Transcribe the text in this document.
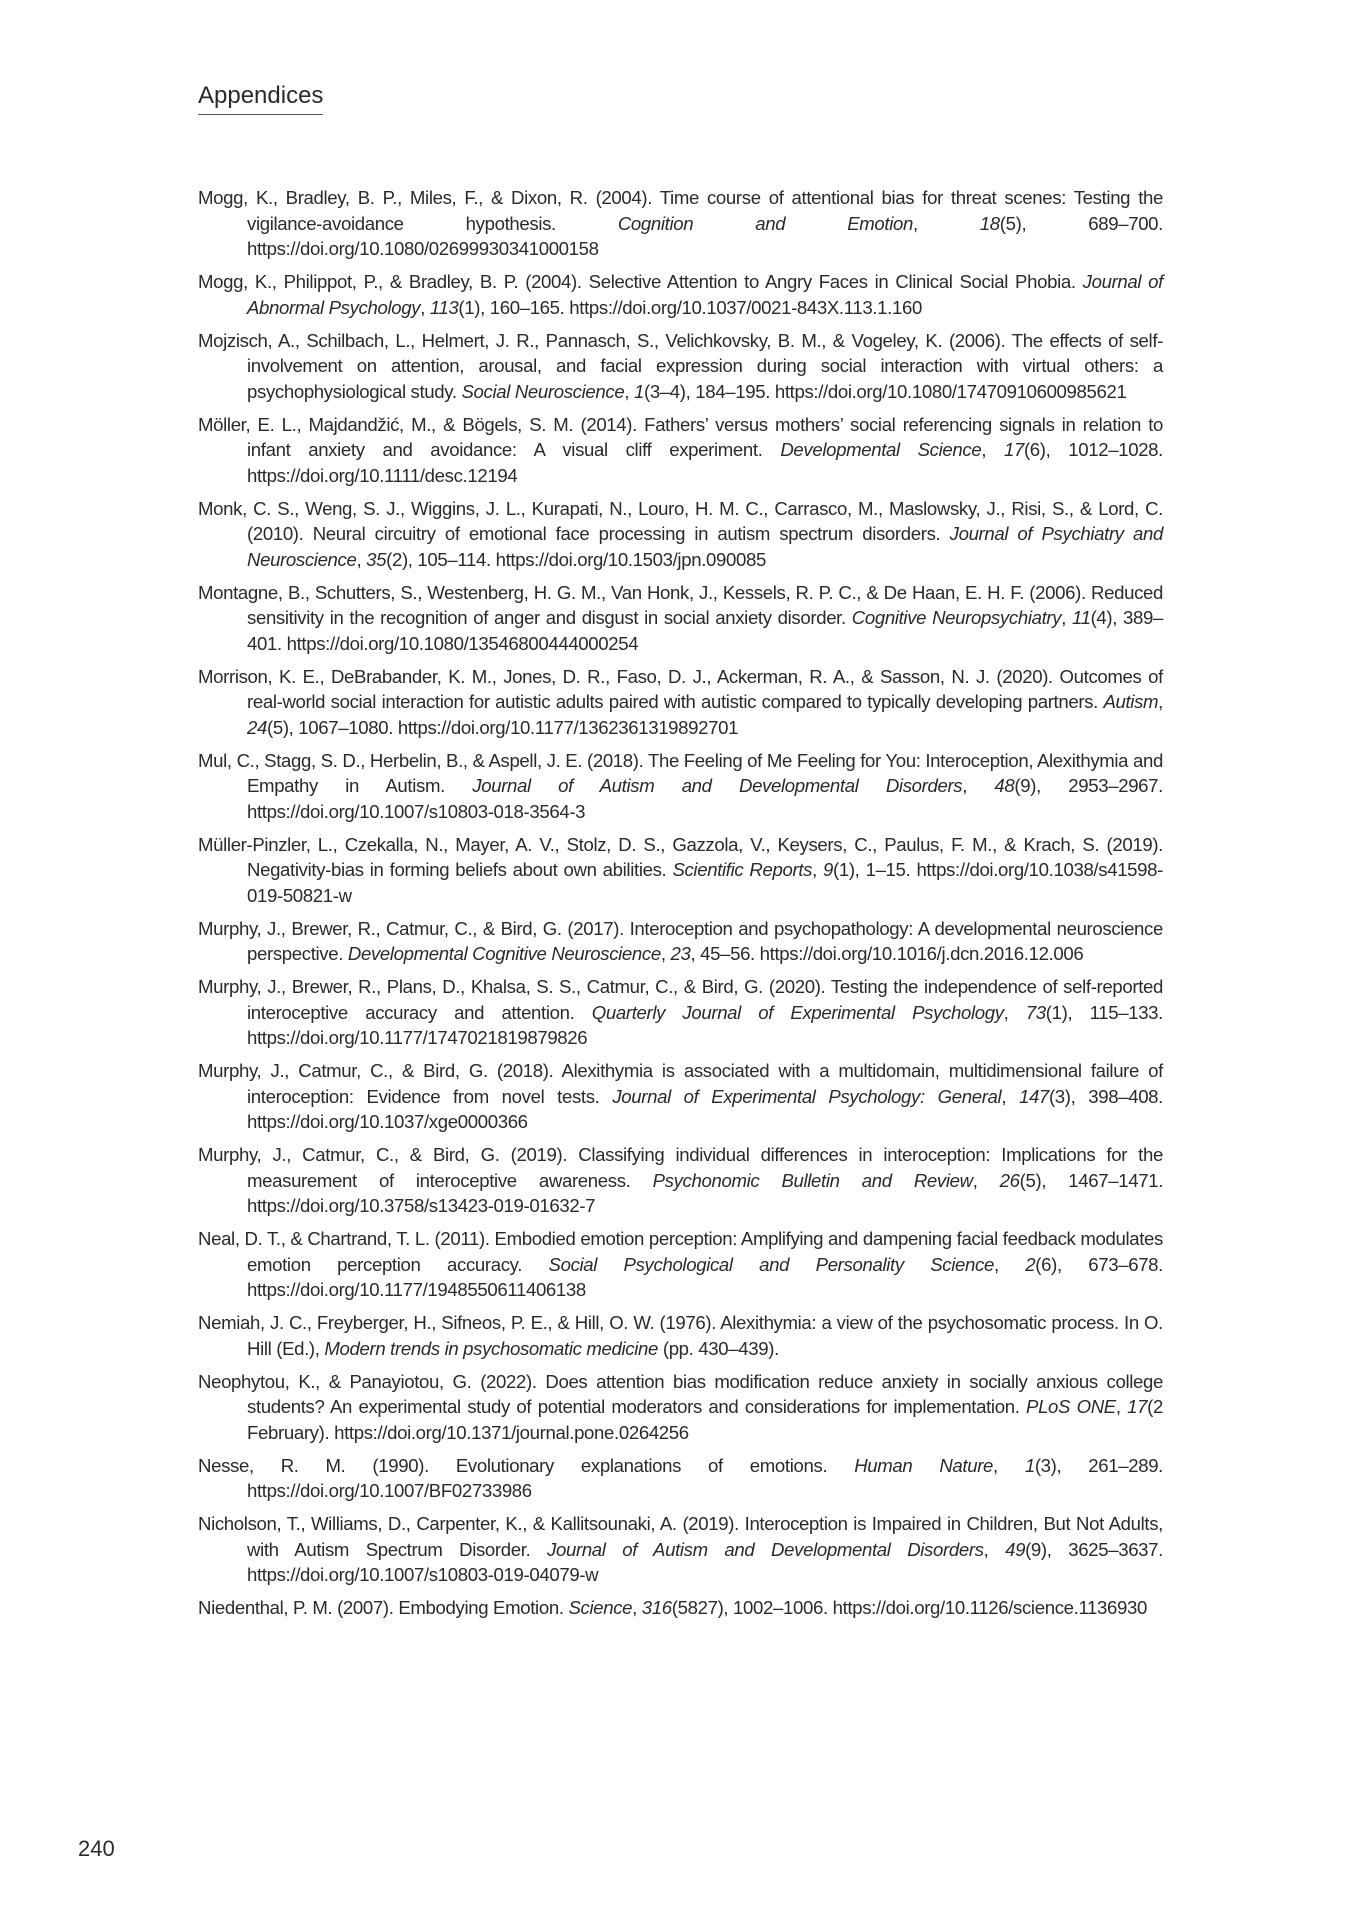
Appendices
Mogg, K., Bradley, B. P., Miles, F., & Dixon, R. (2004). Time course of attentional bias for threat scenes: Testing the vigilance-avoidance hypothesis. Cognition and Emotion, 18(5), 689–700. https://doi.org/10.1080/02699930341000158
Mogg, K., Philippot, P., & Bradley, B. P. (2004). Selective Attention to Angry Faces in Clinical Social Phobia. Journal of Abnormal Psychology, 113(1), 160–165. https://doi.org/10.1037/0021-843X.113.1.160
Mojzisch, A., Schilbach, L., Helmert, J. R., Pannasch, S., Velichkovsky, B. M., & Vogeley, K. (2006). The effects of self-involvement on attention, arousal, and facial expression during social interaction with virtual others: a psychophysiological study. Social Neuroscience, 1(3–4), 184–195. https://doi.org/10.1080/17470910600985621
Möller, E. L., Majdandžić, M., & Bögels, S. M. (2014). Fathers’ versus mothers’ social referencing signals in relation to infant anxiety and avoidance: A visual cliff experiment. Developmental Science, 17(6), 1012–1028. https://doi.org/10.1111/desc.12194
Monk, C. S., Weng, S. J., Wiggins, J. L., Kurapati, N., Louro, H. M. C., Carrasco, M., Maslowsky, J., Risi, S., & Lord, C. (2010). Neural circuitry of emotional face processing in autism spectrum disorders. Journal of Psychiatry and Neuroscience, 35(2), 105–114. https://doi.org/10.1503/jpn.090085
Montagne, B., Schutters, S., Westenberg, H. G. M., Van Honk, J., Kessels, R. P. C., & De Haan, E. H. F. (2006). Reduced sensitivity in the recognition of anger and disgust in social anxiety disorder. Cognitive Neuropsychiatry, 11(4), 389–401. https://doi.org/10.1080/13546800444000254
Morrison, K. E., DeBrabander, K. M., Jones, D. R., Faso, D. J., Ackerman, R. A., & Sasson, N. J. (2020). Outcomes of real-world social interaction for autistic adults paired with autistic compared to typically developing partners. Autism, 24(5), 1067–1080. https://doi.org/10.1177/1362361319892701
Mul, C., Stagg, S. D., Herbelin, B., & Aspell, J. E. (2018). The Feeling of Me Feeling for You: Interoception, Alexithymia and Empathy in Autism. Journal of Autism and Developmental Disorders, 48(9), 2953–2967. https://doi.org/10.1007/s10803-018-3564-3
Müller-Pinzler, L., Czekalla, N., Mayer, A. V., Stolz, D. S., Gazzola, V., Keysers, C., Paulus, F. M., & Krach, S. (2019). Negativity-bias in forming beliefs about own abilities. Scientific Reports, 9(1), 1–15. https://doi.org/10.1038/s41598-019-50821-w
Murphy, J., Brewer, R., Catmur, C., & Bird, G. (2017). Interoception and psychopathology: A developmental neuroscience perspective. Developmental Cognitive Neuroscience, 23, 45–56. https://doi.org/10.1016/j.dcn.2016.12.006
Murphy, J., Brewer, R., Plans, D., Khalsa, S. S., Catmur, C., & Bird, G. (2020). Testing the independence of self-reported interoceptive accuracy and attention. Quarterly Journal of Experimental Psychology, 73(1), 115–133. https://doi.org/10.1177/1747021819879826
Murphy, J., Catmur, C., & Bird, G. (2018). Alexithymia is associated with a multidomain, multidimensional failure of interoception: Evidence from novel tests. Journal of Experimental Psychology: General, 147(3), 398–408. https://doi.org/10.1037/xge0000366
Murphy, J., Catmur, C., & Bird, G. (2019). Classifying individual differences in interoception: Implications for the measurement of interoceptive awareness. Psychonomic Bulletin and Review, 26(5), 1467–1471. https://doi.org/10.3758/s13423-019-01632-7
Neal, D. T., & Chartrand, T. L. (2011). Embodied emotion perception: Amplifying and dampening facial feedback modulates emotion perception accuracy. Social Psychological and Personality Science, 2(6), 673–678. https://doi.org/10.1177/1948550611406138
Nemiah, J. C., Freyberger, H., Sifneos, P. E., & Hill, O. W. (1976). Alexithymia: a view of the psychosomatic process. In O. Hill (Ed.), Modern trends in psychosomatic medicine (pp. 430–439).
Neophytou, K., & Panayiotou, G. (2022). Does attention bias modification reduce anxiety in socially anxious college students? An experimental study of potential moderators and considerations for implementation. PLoS ONE, 17(2 February). https://doi.org/10.1371/journal.pone.0264256
Nesse, R. M. (1990). Evolutionary explanations of emotions. Human Nature, 1(3), 261–289. https://doi.org/10.1007/BF02733986
Nicholson, T., Williams, D., Carpenter, K., & Kallitsounaki, A. (2019). Interoception is Impaired in Children, But Not Adults, with Autism Spectrum Disorder. Journal of Autism and Developmental Disorders, 49(9), 3625–3637. https://doi.org/10.1007/s10803-019-04079-w
Niedenthal, P. M. (2007). Embodying Emotion. Science, 316(5827), 1002–1006. https://doi.org/10.1126/science.1136930
240
